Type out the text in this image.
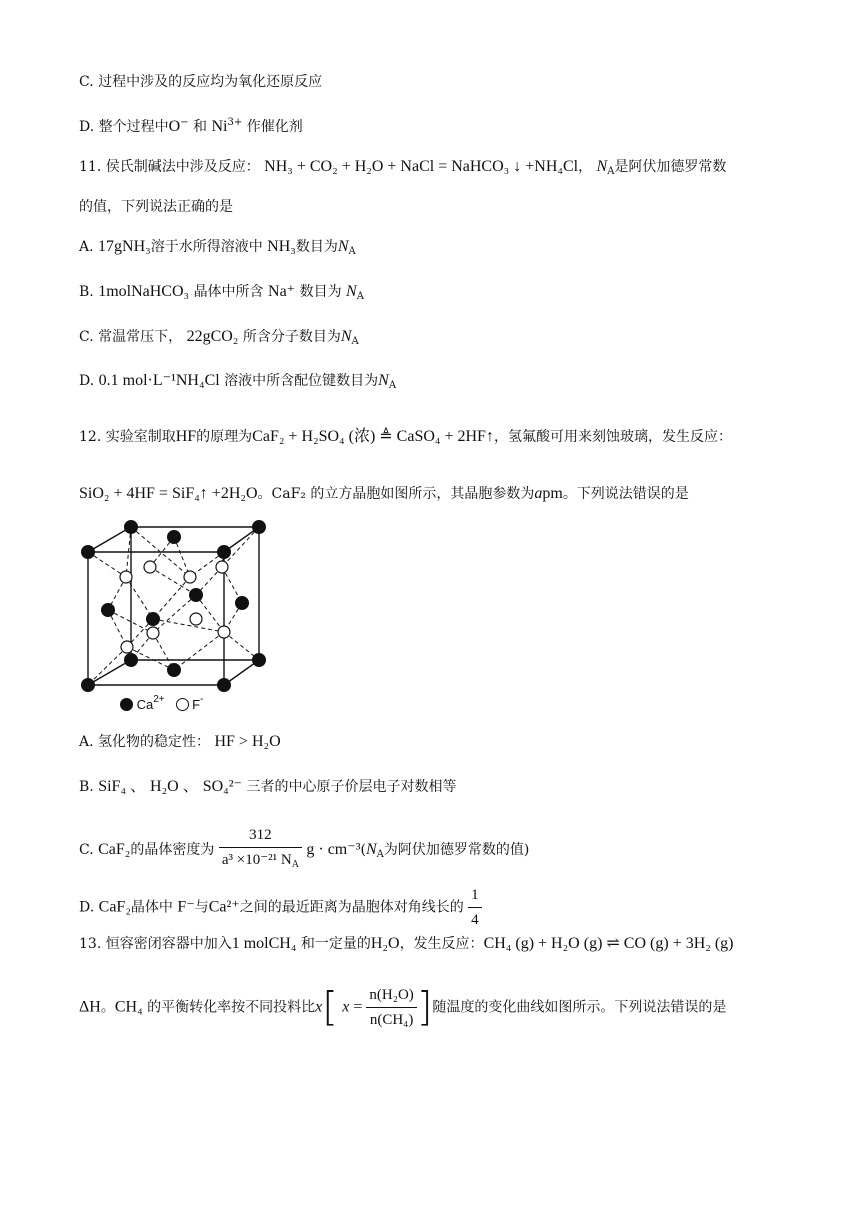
C. 过程中涉及的反应均为氧化还原反应
D. 整个过程中O− 和 $Ni^{3+}$ 作催化剂
11. 侯氏制碱法中涉及反应： NH₃ + CO₂ + H₂O + NaCl = NaHCO₃ ↓ +NH₄Cl， $N_A$是阿伏加德罗常数
的值，下列说法正确的是
A. 17gNH₃溶于水所得溶液中 NH₃数目为$N_A$
B. 1molNaHCO₃ 晶体中所含 Na⁺ 数目为 $N_A$
C. 常温常压下， 22gCO₂ 所含分子数目为$N_A$
D. 0.1 mol·L⁻¹NH₄Cl 溶液中所含配位键数目为$N_A$
12. 实验室制取HF的原理为CaF₂ + H₂SO₄ (浓) ≜ CaSO₄ + 2HF↑，氢氟酸可用来刻蚀玻璃，发生反应：
SiO₂ + 4HF = SiF₄↑ +2H₂O。CaF₂ 的立方晶胞如图所示，其晶胞参数为apm。下列说法错误的是
$Ca^{2+}$ F-
A. 氢化物的稳定性： HF > H₂O
B. SiF₄ 、 H₂O 、 SO₄²⁻ 三者的中心原子价层电子对数相等
C. CaF₂的晶体密度为 $\frac{312}{a^3 \times 10^{-21} N_A}$ $g \cdot cm^{-3}(N_A$为阿伏加德罗常数的值)
D. CaF₂晶体中 F⁻与Ca²⁺之间的最近距离为晶胞体对角线长的 $\frac{1}{4}$
13. 恒容密闭容器中加入1 molCH₄ 和一定量的H₂O，发生反应：CH₄ (g) + H₂O (g) ⇌ CO (g) + 3H₂ (g)
ΔH。CH₄ 的平衡转化率按不同投料比x[ $x = \frac{\text{n(H₂O)}}{\text{n(CH₄)}}$ ]随温度的变化曲线如图所示。下列说法错误的是
